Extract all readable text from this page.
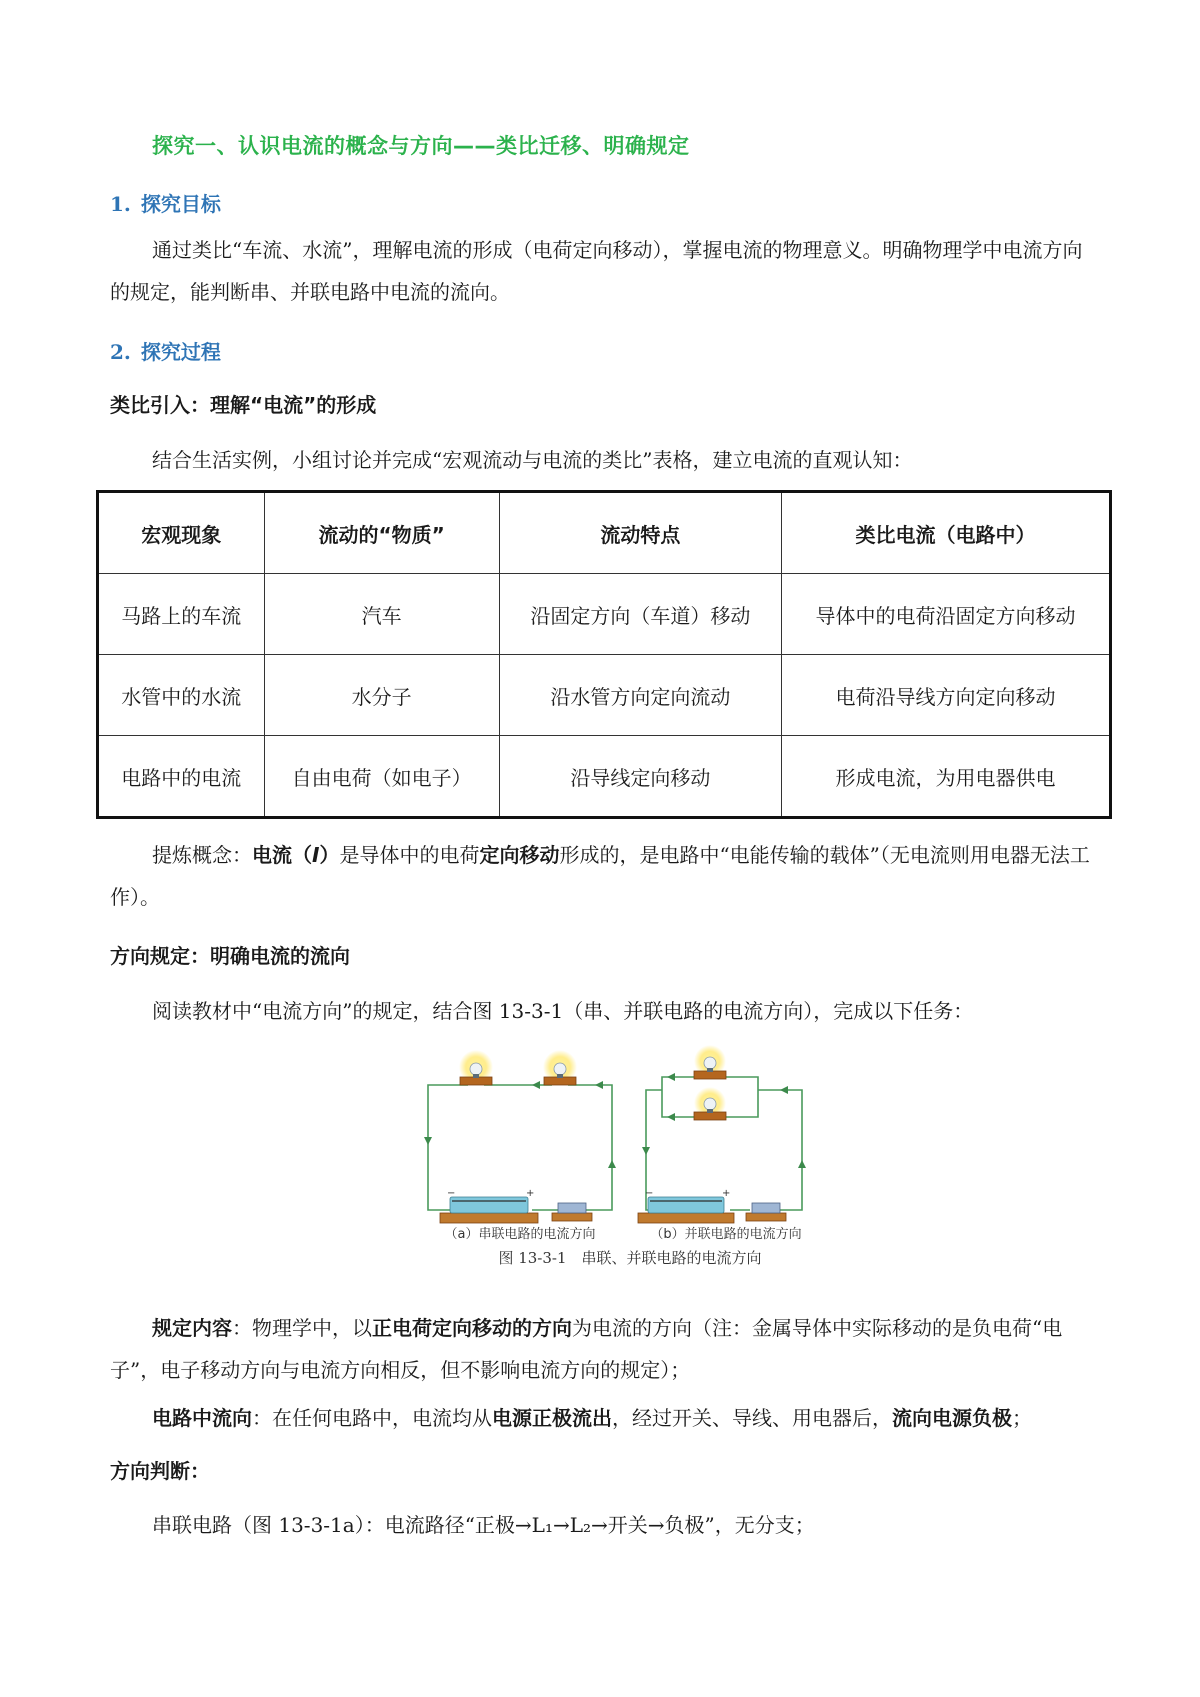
探究一、认识电流的概念与方向——类比迁移、明确规定
1. 探究目标
通过类比“车流、水流”，理解电流的形成（电荷定向移动），掌握电流的物理意义。明确物理学中电流方向的规定，能判断串、并联电路中电流的流向。
2. 探究过程
类比引入：理解“电流”的形成
结合生活实例，小组讨论并完成“宏观流动与电流的类比”表格，建立电流的直观认知：
宏观现象	流动的“物质”	流动特点	类比电流（电路中）
马路上的车流	汽车	沿固定方向（车道）移动	导体中的电荷沿固定方向移动
水管中的水流	水分子	沿水管方向定向流动	电荷沿导线方向定向移动
电路中的电流	自由电荷（如电子）	沿导线定向移动	形成电流，为用电器供电
提炼概念：电流（I）是导体中的电荷定向移动形成的，是电路中“电能传输的载体”（无电流则用电器无法工作）。
方向规定：明确电流的流向
阅读教材中“电流方向”的规定，结合图 13-3-1（串、并联电路的电流方向），完成以下任务：
−	+	−	+
（a）串联电路的电流方向	（b）并联电路的电流方向
图 13-3-1　串联、并联电路的电流方向
规定内容：物理学中，以正电荷定向移动的方向为电流的方向（注：金属导体中实际移动的是负电荷“电子”，电子移动方向与电流方向相反，但不影响电流方向的规定）；
电路中流向：在任何电路中，电流均从电源正极流出，经过开关、导线、用电器后，流向电源负极；
方向判断：
串联电路（图 13-3-1a）：电流路径“正极→L₁→L₂→开关→负极”，无分支；
